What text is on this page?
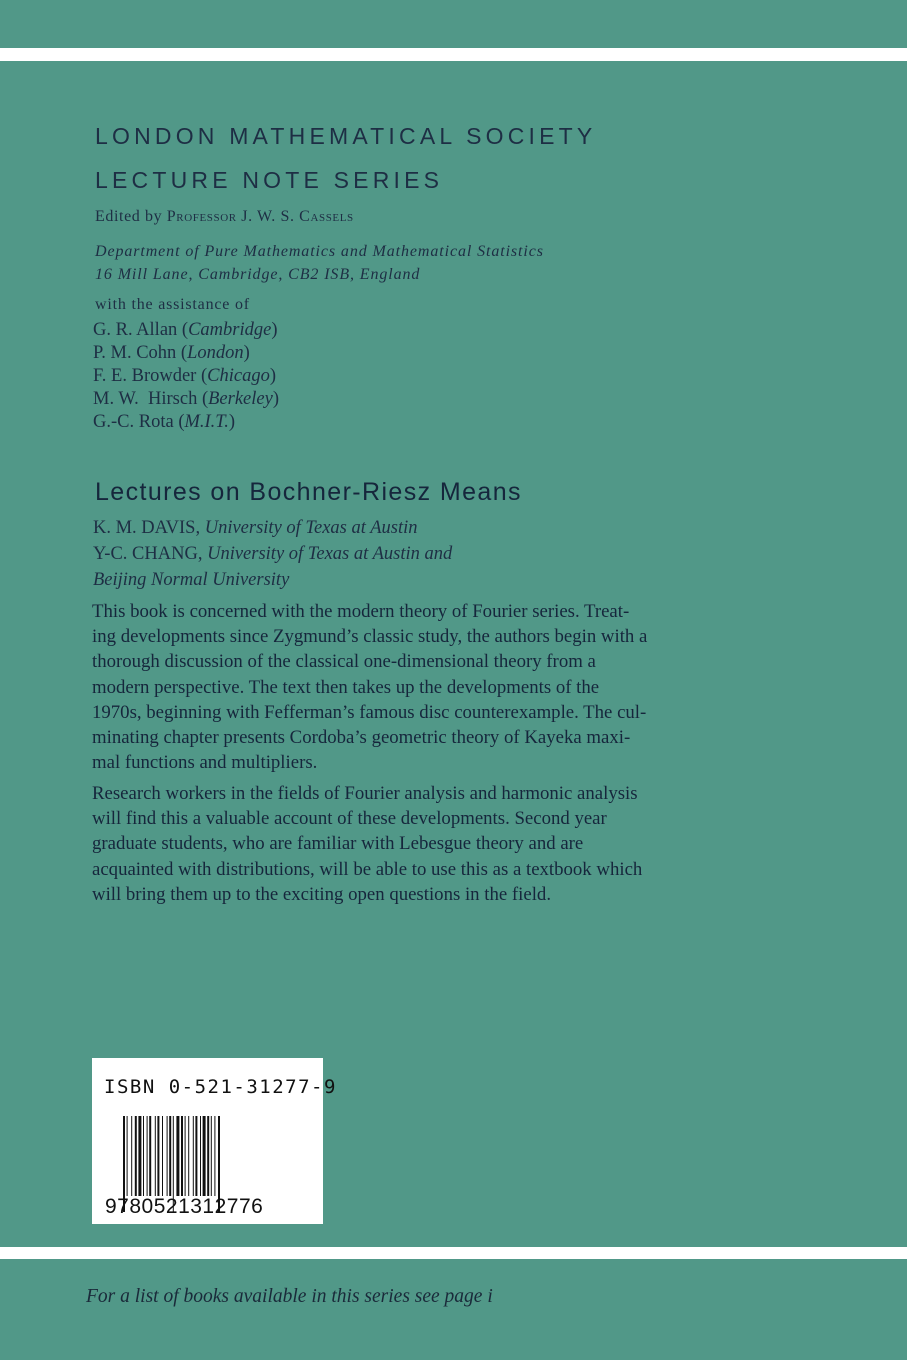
LONDON MATHEMATICAL SOCIETY
LECTURE NOTE SERIES
Edited by Professor J. W. S. Cassels
Department of Pure Mathematics and Mathematical Statistics
16 Mill Lane, Cambridge, CB2 ISB, England
with the assistance of
G. R. Allan (Cambridge)
P. M. Cohn (London)
F. E. Browder (Chicago)
M. W.  Hirsch (Berkeley)
G.-C. Rota (M.I.T.)
Lectures on Bochner-Riesz Means
K. M. DAVIS, University of Texas at Austin
Y-C. CHANG, University of Texas at Austin and
Beijing Normal University

This book is concerned with the modern theory of Fourier series. Treat-
ing developments since Zygmund’s classic study, the authors begin with a
thorough discussion of the classical one-dimensional theory from a
modern perspective. The text then takes up the developments of the
1970s, beginning with Fefferman’s famous disc counterexample. The cul-
minating chapter presents Cordoba’s geometric theory of Kayeka maxi-
mal functions and multipliers.

Research workers in the fields of Fourier analysis and harmonic analysis
will find this a valuable account of these developments. Second year
graduate students, who are familiar with Lebesgue theory and are
acquainted with distributions, will be able to use this as a textbook which
will bring them up to the exciting open questions in the field.

ISBN 0-521-31277-9
9780521312776
For a list of books available in this series see page i
